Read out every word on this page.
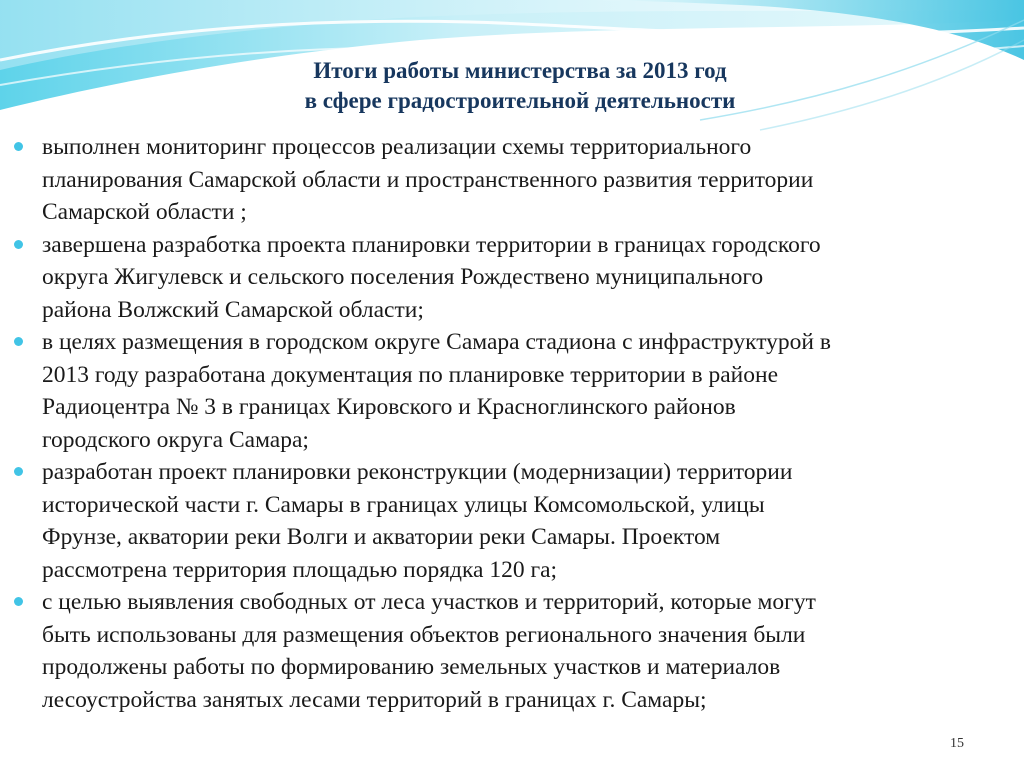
Итоги работы министерства за 2013 год
в сфере градостроительной деятельности
выполнен мониторинг процессов реализации схемы территориального
планирования Самарской области и пространственного развития территории
Самарской области ;
завершена разработка проекта планировки территории в границах городского
округа Жигулевск и сельского поселения Рождествено муниципального
района Волжский Самарской области;
в целях размещения в городском округе Самара стадиона с инфраструктурой в
2013 году разработана документация по планировке территории в районе
Радиоцентра № 3 в границах Кировского и Красноглинского районов
городского округа Самара;
разработан проект планировки реконструкции (модернизации) территории
исторической части г. Самары в границах улицы Комсомольской, улицы
Фрунзе, акватории реки Волги и акватории реки Самары. Проектом
рассмотрена территория площадью порядка 120 га;
с целью выявления свободных от леса участков и территорий, которые могут
быть использованы для размещения объектов регионального значения были
продолжены работы по формированию земельных участков и материалов
лесоустройства занятых лесами территорий в границах г. Самары;
15
